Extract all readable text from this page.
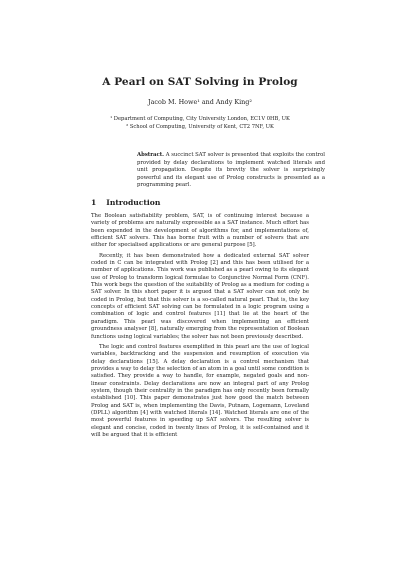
A Pearl on SAT Solving in Prolog
Jacob M. Howe¹ and Andy King²
¹ Department of Computing, City University London, EC1V 0HB, UK
² School of Computing, University of Kent, CT2 7NF, UK
Abstract. A succinct SAT solver is presented that exploits the control provided by delay declarations to implement watched literals and unit propagation. Despite its brevity the solver is surprisingly powerful and its elegant use of Prolog constructs is presented as a programming pearl.
1 Introduction

The Boolean satisfiability problem, SAT, is of continuing interest because a variety of problems are naturally expressible as a SAT instance. Much effort has been expended in the development of algorithms for, and implementations of, efficient SAT solvers. This has borne fruit with a number of solvers that are either for specialised applications or are general purpose [5].

Recently, it has been demonstrated how a dedicated external SAT solver coded in C can be integrated with Prolog [2] and this has been utilised for a number of applications. This work was published as a pearl owing to its elegant use of Prolog to transform logical formulae to Conjunctive Normal Form (CNF). This work begs the question of the suitability of Prolog as a medium for coding a SAT solver. In this short paper it is argued that a SAT solver can not only be coded in Prolog, but that this solver is a so-called natural pearl. That is, the key concepts of efficient SAT solving can be formulated in a logic program using a combination of logic and control features [11] that lie at the heart of the paradigm. This pearl was discovered when implementing an efficient groundness analyser [8], naturally emerging from the representation of Boolean functions using logical variables; the solver has not been previously described.

The logic and control features exemplified in this pearl are the use of logical variables, backtracking and the suspension and resumption of execution via delay declarations [15]. A delay declaration is a control mechanism that provides a way to delay the selection of an atom in a goal until some condition is satisfied. They provide a way to handle, for example, negated goals and non-linear constraints. Delay declarations are now an integral part of any Prolog system, though their centrality in the paradigm has only recently been formally established [10]. This paper demonstrates just how good the match between Prolog and SAT is, when implementing the Davis, Putnam, Logemann, Loveland (DPLL) algorithm [4] with watched literals [14]. Watched literals are one of the most powerful features in speeding up SAT solvers. The resulting solver is elegant and concise, coded in twenty lines of Prolog, it is self-contained and it will be argued that it is efficient
